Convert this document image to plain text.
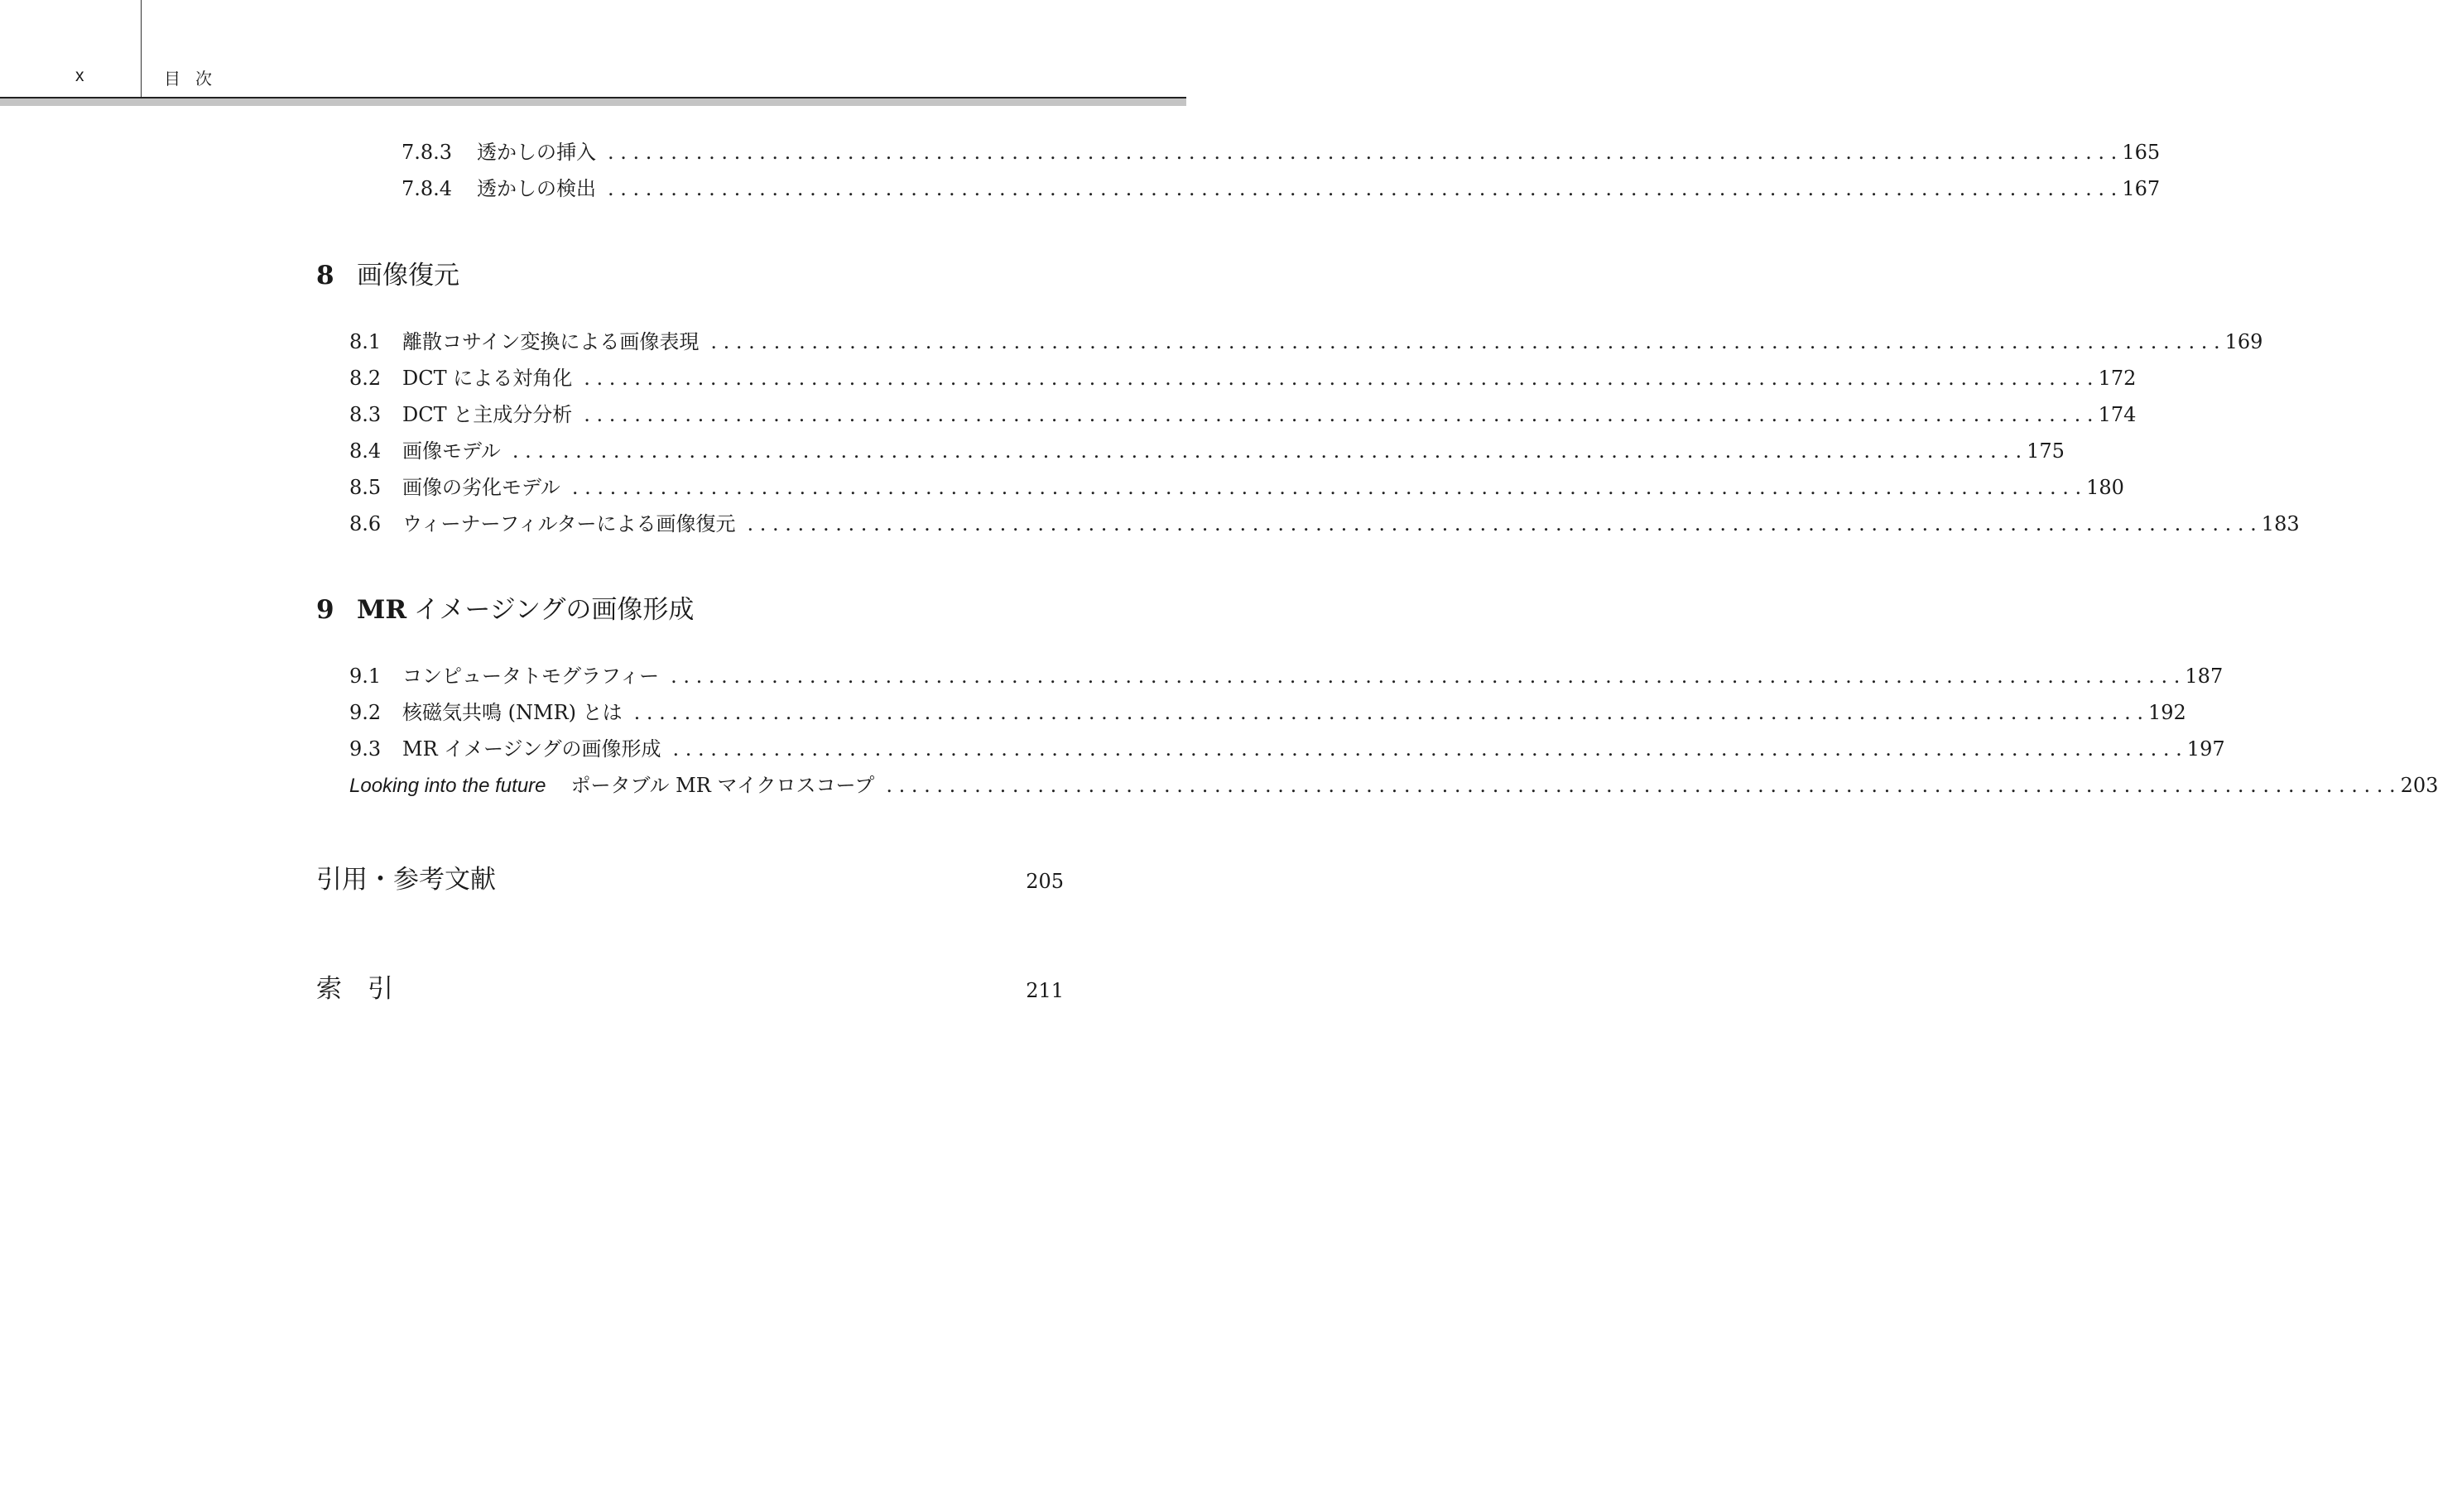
x	目次
7.8.3	透かしの挿入 . . . . . . . . . . . . . . . . . . . . . . . . . . . . . . . . . . . . . . . . . . . . . . . . . . . . . . . . . . . . . . . . . . . . . . . . . . . . . . . . . . . . . . . . . . . . . . . . . . . . . . . . . . . . . . . . . . . . . . . . 165
7.8.4	透かしの検出 . . . . . . . . . . . . . . . . . . . . . . . . . . . . . . . . . . . . . . . . . . . . . . . . . . . . . . . . . . . . . . . . . . . . . . . . . . . . . . . . . . . . . . . . . . . . . . . . . . . . . . . . . . . . . . . . . . . . . . . . 167
8 画像復元
8.1	離散コサイン変換による画像表現 . . . . . . . . . . . . . . . . . . . . . . . . . . . . . . . . . . . . . . . . . . . . . . . . . . . . . . . . . . . . . . . . . . . . . . . . . . . . . . . . . . . . . . . . . . . . . . . . . . . . . . . . . . . . . . . . . . . . . . . . 169
8.2	DCT による対角化 . . . . . . . . . . . . . . . . . . . . . . . . . . . . . . . . . . . . . . . . . . . . . . . . . . . . . . . . . . . . . . . . . . . . . . . . . . . . . . . . . . . . . . . . . . . . . . . . . . . . . . . . . . . . . . . . . . . . . . . . 172
8.3	DCT と主成分分析 . . . . . . . . . . . . . . . . . . . . . . . . . . . . . . . . . . . . . . . . . . . . . . . . . . . . . . . . . . . . . . . . . . . . . . . . . . . . . . . . . . . . . . . . . . . . . . . . . . . . . . . . . . . . . . . . . . . . . . . . 174
8.4	画像モデル . . . . . . . . . . . . . . . . . . . . . . . . . . . . . . . . . . . . . . . . . . . . . . . . . . . . . . . . . . . . . . . . . . . . . . . . . . . . . . . . . . . . . . . . . . . . . . . . . . . . . . . . . . . . . . . . . . . . . . . . 175
8.5	画像の劣化モデル . . . . . . . . . . . . . . . . . . . . . . . . . . . . . . . . . . . . . . . . . . . . . . . . . . . . . . . . . . . . . . . . . . . . . . . . . . . . . . . . . . . . . . . . . . . . . . . . . . . . . . . . . . . . . . . . . . . . . . . . 180
8.6	ウィーナーフィルターによる画像復元 . . . . . . . . . . . . . . . . . . . . . . . . . . . . . . . . . . . . . . . . . . . . . . . . . . . . . . . . . . . . . . . . . . . . . . . . . . . . . . . . . . . . . . . . . . . . . . . . . . . . . . . . . . . . . . . . . . . . . . . . 183
9 MR イメージングの画像形成
9.1	コンピュータトモグラフィー . . . . . . . . . . . . . . . . . . . . . . . . . . . . . . . . . . . . . . . . . . . . . . . . . . . . . . . . . . . . . . . . . . . . . . . . . . . . . . . . . . . . . . . . . . . . . . . . . . . . . . . . . . . . . . . . . . . . . . . . 187
9.2	核磁気共鳴 (NMR) とは . . . . . . . . . . . . . . . . . . . . . . . . . . . . . . . . . . . . . . . . . . . . . . . . . . . . . . . . . . . . . . . . . . . . . . . . . . . . . . . . . . . . . . . . . . . . . . . . . . . . . . . . . . . . . . . . . . . . . . . . 192
9.3	MR イメージングの画像形成 . . . . . . . . . . . . . . . . . . . . . . . . . . . . . . . . . . . . . . . . . . . . . . . . . . . . . . . . . . . . . . . . . . . . . . . . . . . . . . . . . . . . . . . . . . . . . . . . . . . . . . . . . . . . . . . . . . . . . . . . 197
Looking into the future ポータブル MR マイクロスコープ . . . . . . . . . . . . . . . . . . . . . . . . . . . . . . . . . . . . . . . . . . . . . . . . . . . . . . . . . . . . . . . . . . . . . . . . . . . . . . . . . . . . . . . . . . . . . . . . . . . . . . . . . . . . . . . . . . . . . . . . 203
引用・参考文献	205
索　引	211
